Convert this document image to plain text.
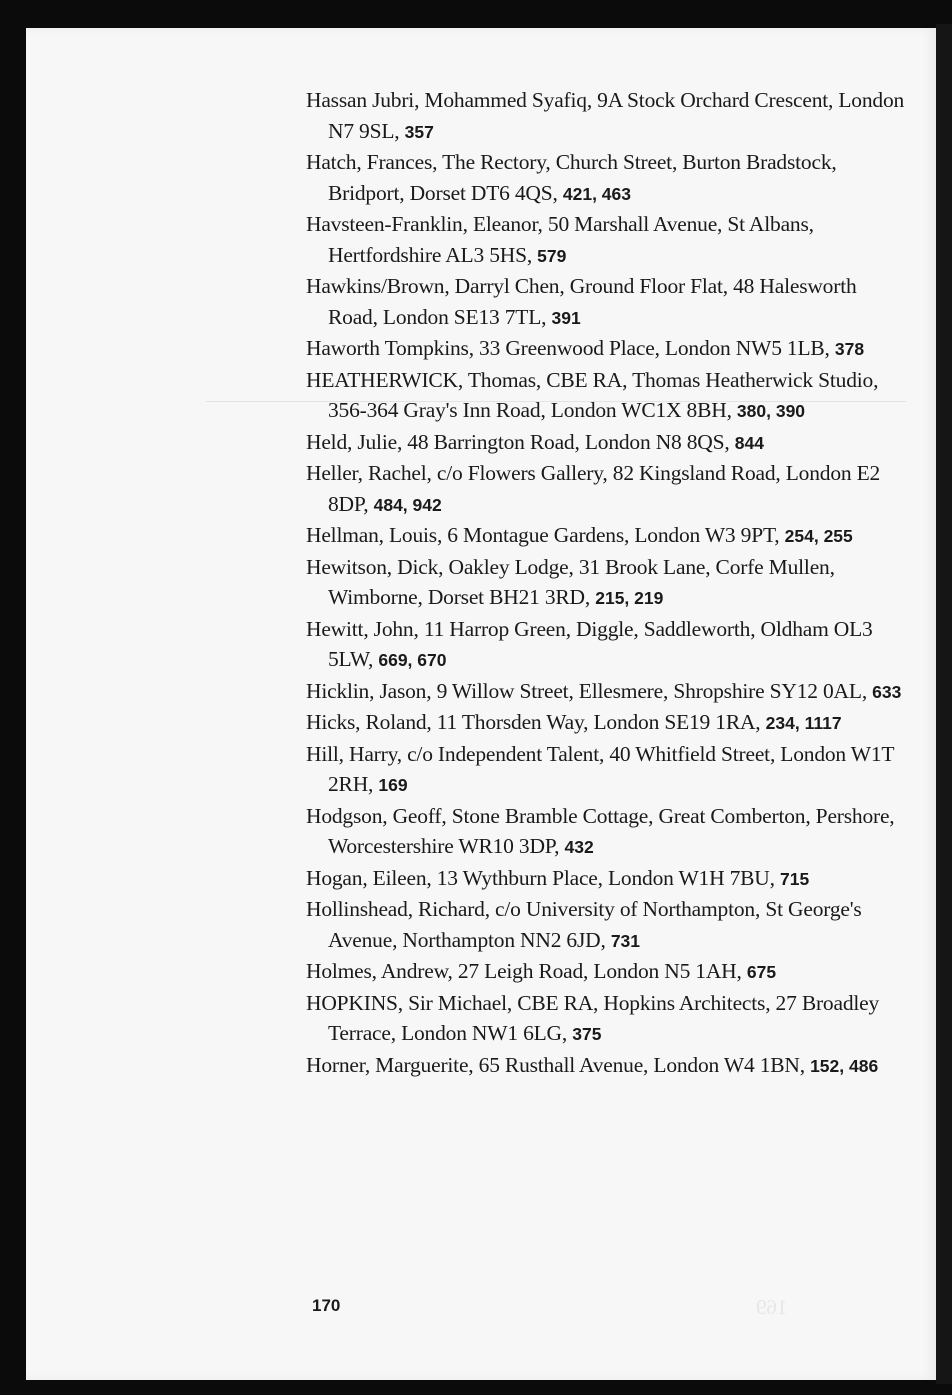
169
Hassan Jubri, Mohammed Syafiq, 9A Stock Orchard Crescent, London N7 9SL, 357
Hatch, Frances, The Rectory, Church Street, Burton Bradstock, Bridport, Dorset DT6 4QS, 421, 463
Havsteen-Franklin, Eleanor, 50 Marshall Avenue, St Albans, Hertfordshire AL3 5HS, 579
Hawkins/Brown, Darryl Chen, Ground Floor Flat, 48 Halesworth Road, London SE13 7TL, 391
Haworth Tompkins, 33 Greenwood Place, London NW5 1LB, 378
HEATHERWICK, Thomas, CBE RA, Thomas Heatherwick Studio, 356-364 Gray's Inn Road, London WC1X 8BH, 380, 390
Held, Julie, 48 Barrington Road, London N8 8QS, 844
Heller, Rachel, c/o Flowers Gallery, 82 Kingsland Road, London E2 8DP, 484, 942
Hellman, Louis, 6 Montague Gardens, London W3 9PT, 254, 255
Hewitson, Dick, Oakley Lodge, 31 Brook Lane, Corfe Mullen, Wimborne, Dorset BH21 3RD, 215, 219
Hewitt, John, 11 Harrop Green, Diggle, Saddleworth, Oldham OL3 5LW, 669, 670
Hicklin, Jason, 9 Willow Street, Ellesmere, Shropshire SY12 0AL, 633
Hicks, Roland, 11 Thorsden Way, London SE19 1RA, 234, 1117
Hill, Harry, c/o Independent Talent, 40 Whitfield Street, London W1T 2RH, 169
Hodgson, Geoff, Stone Bramble Cottage, Great Comberton, Pershore, Worcestershire WR10 3DP, 432
Hogan, Eileen, 13 Wythburn Place, London W1H 7BU, 715
Hollinshead, Richard, c/o University of Northampton, St George's Avenue, Northampton NN2 6JD, 731
Holmes, Andrew, 27 Leigh Road, London N5 1AH, 675
HOPKINS, Sir Michael, CBE RA, Hopkins Architects, 27 Broadley Terrace, London NW1 6LG, 375
Horner, Marguerite, 65 Rusthall Avenue, London W4 1BN, 152, 486
170
